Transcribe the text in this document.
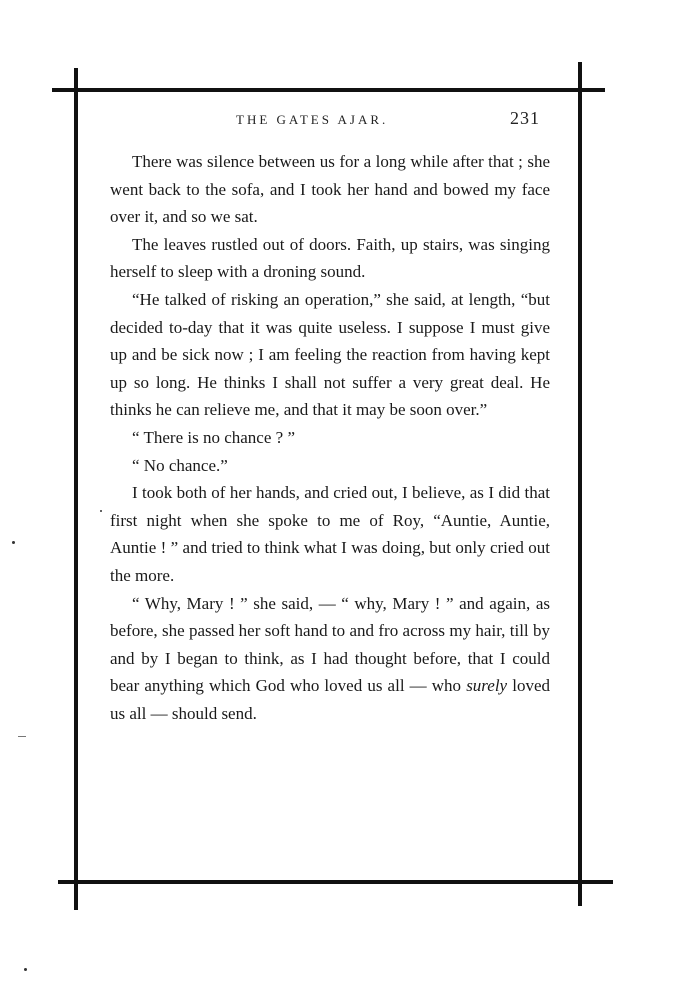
THE GATES AJAR.	231

There was silence between us for a long while after that ; she went back to the sofa, and I took her hand and bowed my face over it, and so we sat.

The leaves rustled out of doors. Faith, up stairs, was singing herself to sleep with a droning sound.

“He talked of risking an operation,” she said, at length, “but decided to-day that it was quite useless. I suppose I must give up and be sick now ; I am feeling the reaction from having kept up so long. He thinks I shall not suffer a very great deal. He thinks he can relieve me, and that it may be soon over.”

“ There is no chance ? ”

“ No chance.”

I took both of her hands, and cried out, I believe, as I did that first night when she spoke to me of Roy, “Auntie, Auntie, Auntie ! ” and tried to think what I was doing, but only cried out the more.

“ Why, Mary ! ” she said, — “ why, Mary ! ” and again, as before, she passed her soft hand to and fro across my hair, till by and by I began to think, as I had thought before, that I could bear anything which God who loved us all — who surely loved us all — should send.
